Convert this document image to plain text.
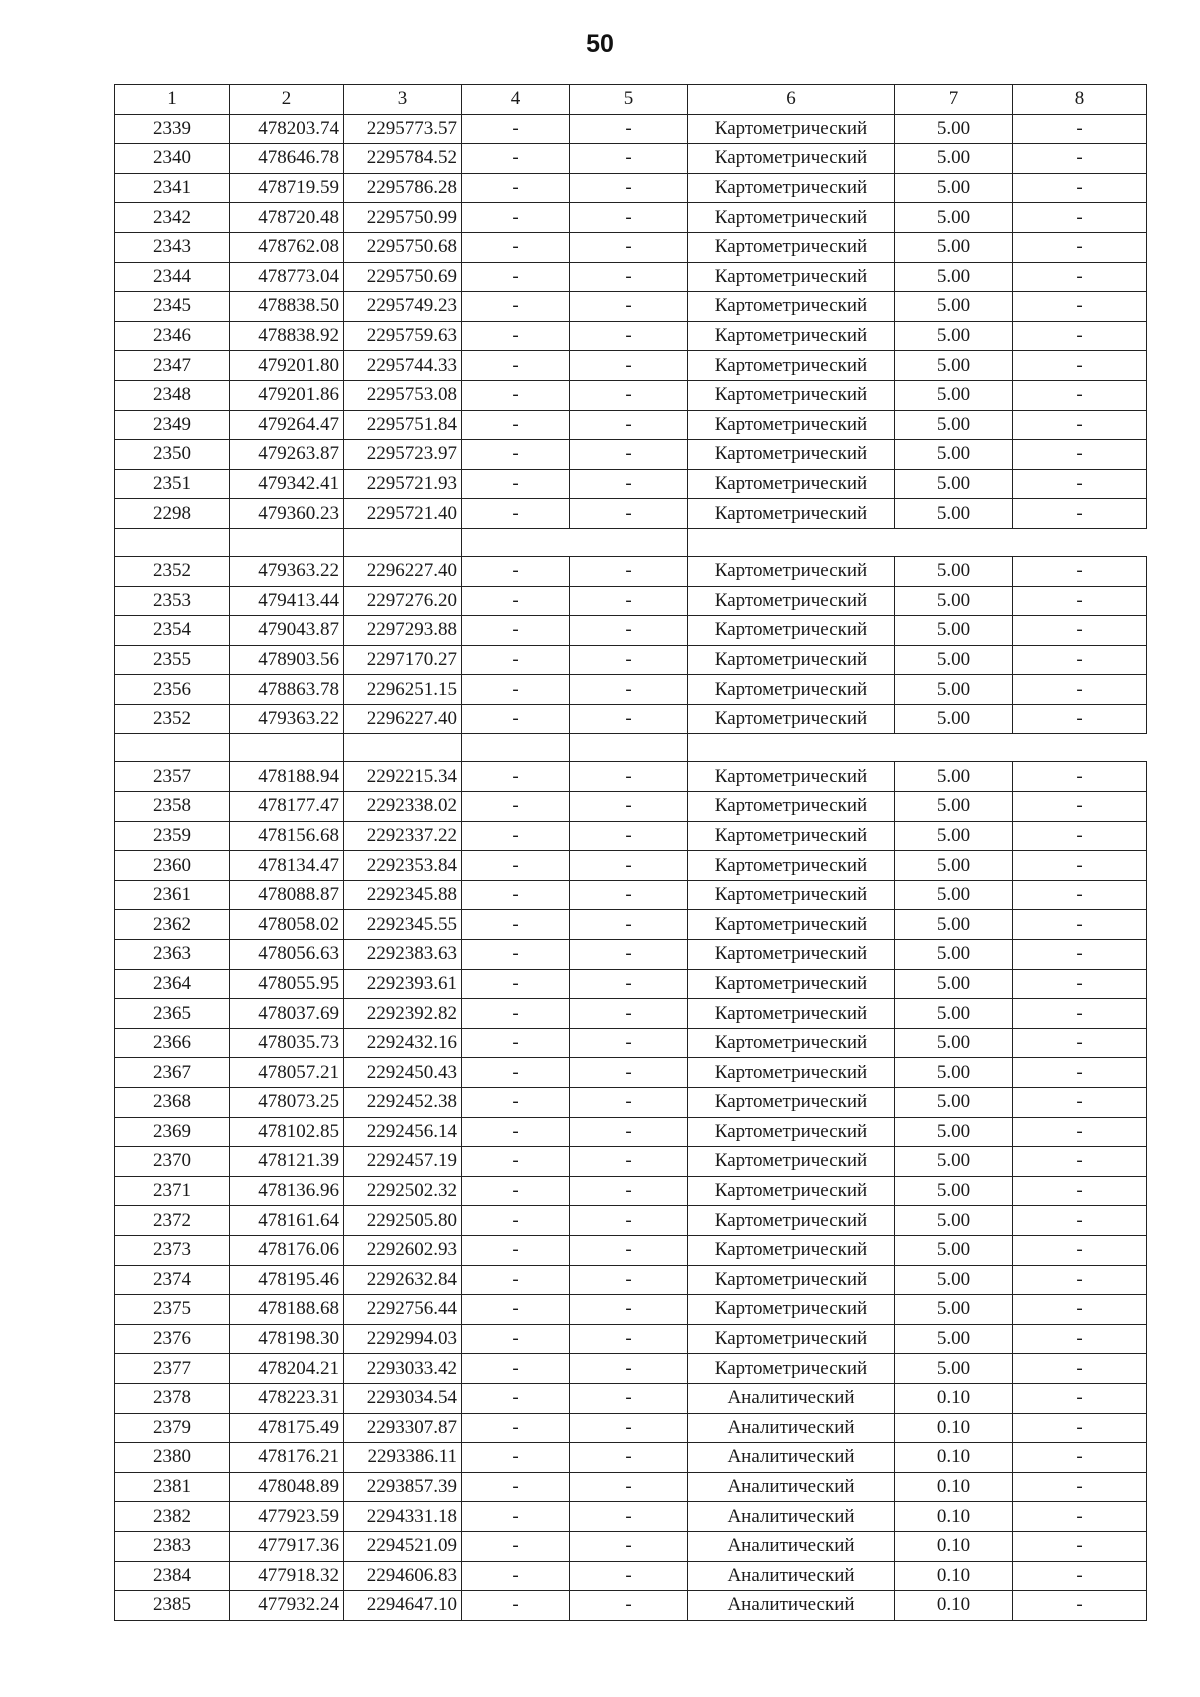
50
1	2	3	4	5	6	7	8
2339	478203.74	2295773.57	-	-	Картометрический	5.00	-
2340	478646.78	2295784.52	-	-	Картометрический	5.00	-
2341	478719.59	2295786.28	-	-	Картометрический	5.00	-
2342	478720.48	2295750.99	-	-	Картометрический	5.00	-
2343	478762.08	2295750.68	-	-	Картометрический	5.00	-
2344	478773.04	2295750.69	-	-	Картометрический	5.00	-
2345	478838.50	2295749.23	-	-	Картометрический	5.00	-
2346	478838.92	2295759.63	-	-	Картометрический	5.00	-
2347	479201.80	2295744.33	-	-	Картометрический	5.00	-
2348	479201.86	2295753.08	-	-	Картометрический	5.00	-
2349	479264.47	2295751.84	-	-	Картометрический	5.00	-
2350	479263.87	2295723.97	-	-	Картометрический	5.00	-
2351	479342.41	2295721.93	-	-	Картометрический	5.00	-
2298	479360.23	2295721.40	-	-	Картометрический	5.00	-

2352	479363.22	2296227.40	-	-	Картометрический	5.00	-
2353	479413.44	2297276.20	-	-	Картометрический	5.00	-
2354	479043.87	2297293.88	-	-	Картометрический	5.00	-
2355	478903.56	2297170.27	-	-	Картометрический	5.00	-
2356	478863.78	2296251.15	-	-	Картометрический	5.00	-
2352	479363.22	2296227.40	-	-	Картометрический	5.00	-

2357	478188.94	2292215.34	-	-	Картометрический	5.00	-
2358	478177.47	2292338.02	-	-	Картометрический	5.00	-
2359	478156.68	2292337.22	-	-	Картометрический	5.00	-
2360	478134.47	2292353.84	-	-	Картометрический	5.00	-
2361	478088.87	2292345.88	-	-	Картометрический	5.00	-
2362	478058.02	2292345.55	-	-	Картометрический	5.00	-
2363	478056.63	2292383.63	-	-	Картометрический	5.00	-
2364	478055.95	2292393.61	-	-	Картометрический	5.00	-
2365	478037.69	2292392.82	-	-	Картометрический	5.00	-
2366	478035.73	2292432.16	-	-	Картометрический	5.00	-
2367	478057.21	2292450.43	-	-	Картометрический	5.00	-
2368	478073.25	2292452.38	-	-	Картометрический	5.00	-
2369	478102.85	2292456.14	-	-	Картометрический	5.00	-
2370	478121.39	2292457.19	-	-	Картометрический	5.00	-
2371	478136.96	2292502.32	-	-	Картометрический	5.00	-
2372	478161.64	2292505.80	-	-	Картометрический	5.00	-
2373	478176.06	2292602.93	-	-	Картометрический	5.00	-
2374	478195.46	2292632.84	-	-	Картометрический	5.00	-
2375	478188.68	2292756.44	-	-	Картометрический	5.00	-
2376	478198.30	2292994.03	-	-	Картометрический	5.00	-
2377	478204.21	2293033.42	-	-	Картометрический	5.00	-
2378	478223.31	2293034.54	-	-	Аналитический	0.10	-
2379	478175.49	2293307.87	-	-	Аналитический	0.10	-
2380	478176.21	2293386.11	-	-	Аналитический	0.10	-
2381	478048.89	2293857.39	-	-	Аналитический	0.10	-
2382	477923.59	2294331.18	-	-	Аналитический	0.10	-
2383	477917.36	2294521.09	-	-	Аналитический	0.10	-
2384	477918.32	2294606.83	-	-	Аналитический	0.10	-
2385	477932.24	2294647.10	-	-	Аналитический	0.10	-
